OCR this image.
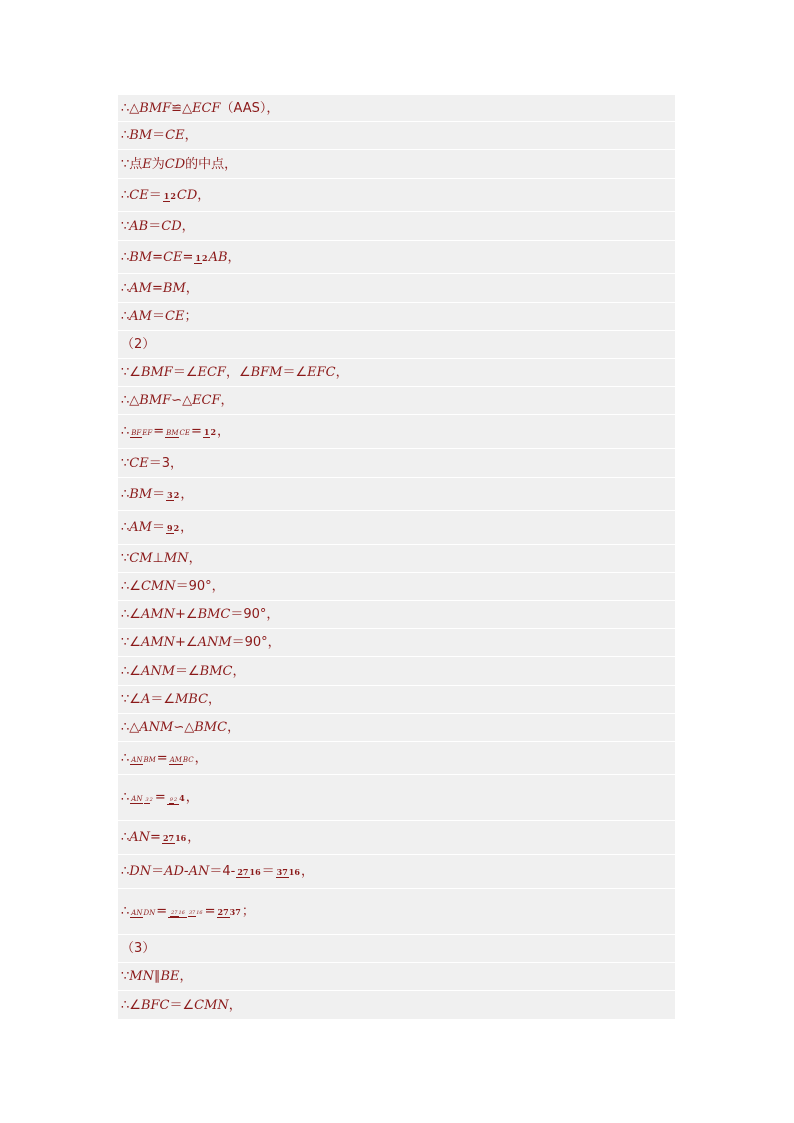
∴△ BMF ≌△ ECF （AAS），
∴ BM ＝ CE ，
∵点 E 为 CD 的中点，
∴ CE ＝ 12 CD ，
∵ AB ＝ CD ，
∴ BM = CE = 12 AB ，
∴ AM = BM ，
∴ AM ＝ CE ；
（2）
∵∠ BMF ＝∠ ECF ，∠ BFM ＝∠ EFC ，
∴△ BMF ∽△ ECF ，
∴ BFEF = BMCE = 12 ，
∵ CE ＝3，
∴ BM ＝ 32 ，
∴ AM ＝ 92 ，
∵ CM ⊥ MN ，
∴∠ CMN ＝90°，
∴∠ AMN +∠ BMC ＝90°，
∵∠ AMN +∠ ANM ＝90°，
∴∠ ANM ＝∠ BMC ，
∵∠ A ＝∠ MBC ，
∴△ ANM ∽△ BMC ，
∴ ANBM = AMBC ，
∴ AN 32 = 92 4 ，
∴ AN = 2716 ，
∴ DN ＝ AD - AN ＝4- 2716 ＝ 3716 ，
∴ ANDN = 2716 3716 = 2737 ；
（3）
∵ MN ∥ BE ，
∴∠ BFC ＝∠ CMN ，
